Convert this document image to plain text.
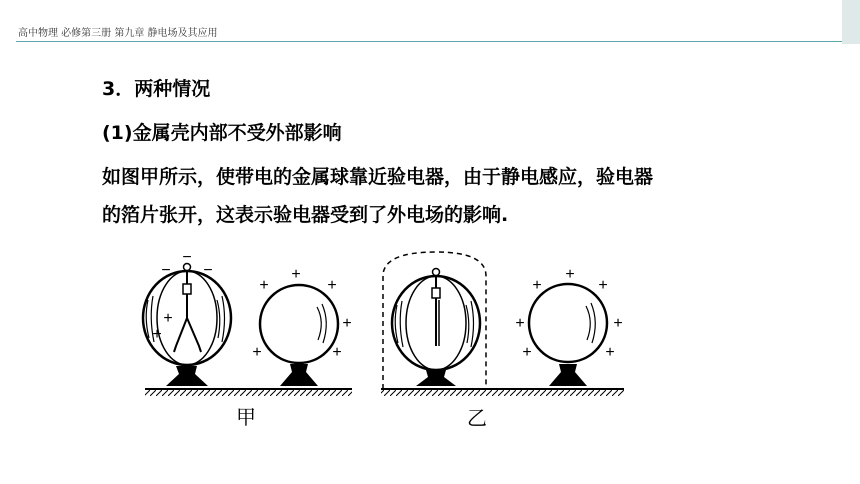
高中物理 必修第三册 第九章 静电场及其应用
3．两种情况
(1)金属壳内部不受外部影响
如图甲所示，使带电的金属球靠近验电器，由于静电感应，验电器
的箔片张开，这表示验电器受到了外电场的影响.
−
− −
+
+
+
+	+
+
+	+
甲
+
+	+
+	+
+	+
乙
